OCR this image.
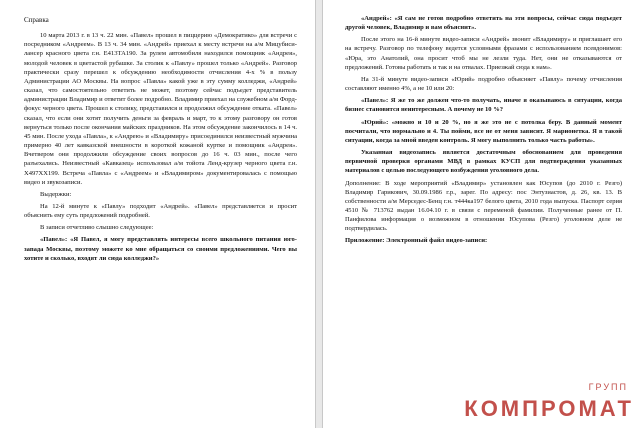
Справка

10 марта 2013 г. в 13 ч. 22 мин. «Павел» прошел в пиццерию «Демократико» для встречи с посредником «Андреем». В 13 ч. 34 мин. «Андрей» приехал к месту встречи на а/м Мицубиси-лансер красного цвета г.н. Е413ТА190. За рулем автомобиля находился помощник «Андрея», молодой человек в цветастой рубашке. За столик к «Павлу» прошел только «Андрей». Разговор практически сразу перешел к обсуждению необходимости отчисления 4-х % в пользу Администрации АО Москвы. На вопрос «Павла» какой уже в эту сумму колледжи, «Андрей» сказал, что самостоятельно ответить не может, поэтому сейчас подъедет представитель администрации Владимир и ответит более подробно. Владимир приехал на служебном а/м Форд-фокус черного цвета. Прошел к столику, представился и продолжил обсуждение отката. «Павел» сказал, что если они хотят получить деньги за февраль и март, то к этому разговору он готов вернуться только после окончания майских праздников. На этом обсуждение закончилось в 14 ч. 45 мин. После ухода «Павла», к «Андрею» и «Владимиру» присоединился неизвестный мужчина примерно 40 лет кавказской внешности в короткой кожаной куртке и помощник «Андрея». Вчетвером они продолжили обсуждение своих вопросов до 16 ч. 03 мин., после чего разъехались. Неизвестный «Кавказец» использовал а/м тойота Ленд-крузер черного цвета г.н. Х497ХХ199. Встреча «Павла» с «Андреем» и «Владимиром» документировалась с помощью видео и звукозаписи.

Выдержки:

На 12-й минуте к «Павлу» подходит «Андрей». «Павел» представляется и просит объяснить ему суть предложений подробней.

В записи отчетливо слышно следующее:

«Павел»: «Я Павел, я могу представлять интересы всего школьного питания юго-запада Москвы, поэтому можете ко мне обращаться со своими предложениями. Чего вы хотите и сколько, входят ли сюда колледжи?»

«Андрей»: «Я сам не готов подробно ответить на эти вопросы, сейчас сюда подъедет другой человек, Владимир и вам объяснит».

После этого на 16-й минуте видео-записи «Андрей» звонит «Владимиру» и приглашает его на встречу. Разговор по телефону ведется условными фразами с использованием псевдонимов: «Юра, это Анатолий, она просит чтоб мы не лезли туда. Нет, они не отказываются от предложений. Готовы работать и так и на отвалах. Приезжай сюда к нам».

На 31-й минуте видео-записи «Юрий» подробно объясняет «Павлу» почему отчисления составляют именно 4%, а не 10 или 20:

«Павел»: Я же то же должен что-то получать, иначе я оказываюсь в ситуации, когда бизнес становится неинтересным. А почему не 10 %?

«Юрий»: «можно и 10 и 20 %, но я же это не с потолка беру. В данный момент посчитали, что нормально и 4. Ты пойми, все не от меня зависит. Я марионетка. Я в такой ситуации, когда за мной введен контроль. Я могу выполнить только часть работы».

Указанная видеозапись является достаточным обоснованием для проведения первичной проверки органами МВД в рамках КУСП для подтверждения указанных материалов с целью последующего возбуждения уголовного дела.

Дополнение: В ходе мероприятий «Владимир» установлен как Юсупов (до 2010 г. Резго) Владимир Гарикович, 30.09.1986 г.р., зарег. По адресу: пос Энтузиастов, д. 26, кв. 13. В собственности а/м Мерседес-Бенц г.н. т444ка197 белого цвета, 2010 года выпуска. Паспорт серия 4510 № 713762 выдан 16.04.10 г. в связи с переменой фамилии. Полученные ранее от П. Панфилова информация о возможном в отношении Юсупова (Резго) уголовном деле не подтвердилась.

Приложение: Электронный файл видео-записи:

ГРУПП
КОМПРОМАТ
